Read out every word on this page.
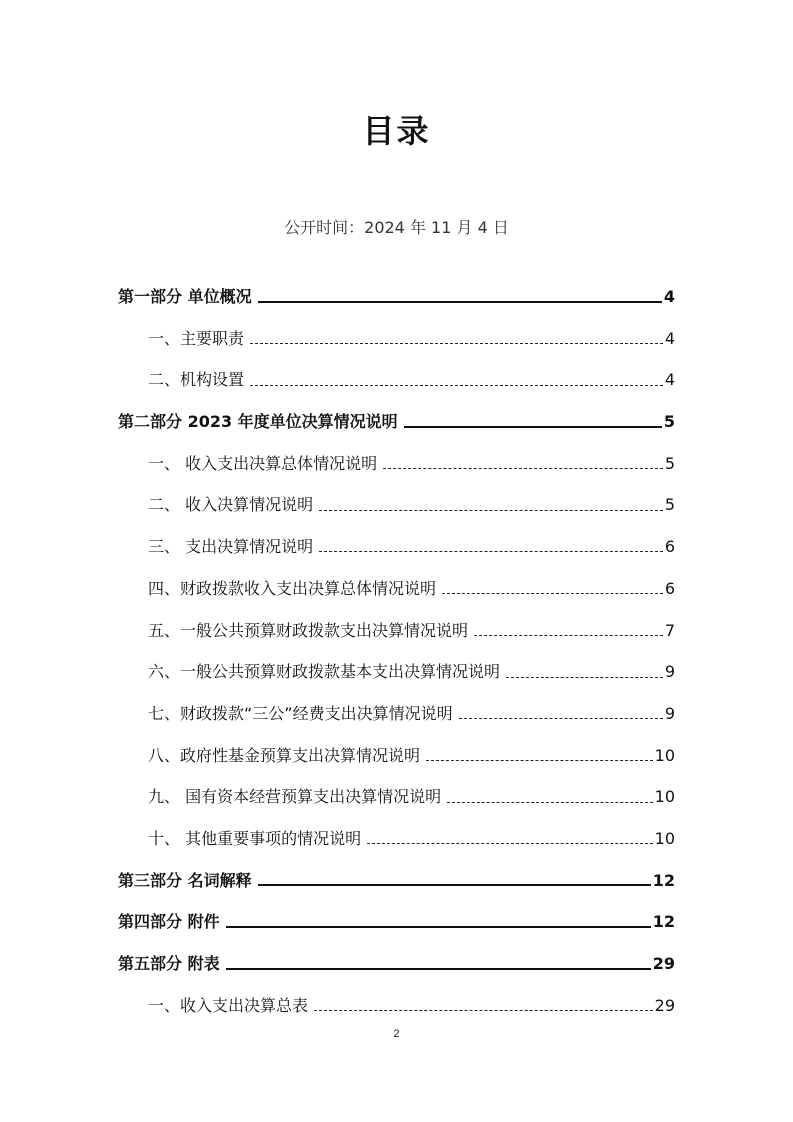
目录
公开时间：2024 年 11 月 4 日
第一部分 单位概况	4
一、主要职责	4
二、机构设置	4
第二部分 2023 年度单位决算情况说明	5
一、 收入支出决算总体情况说明	5
二、 收入决算情况说明	5
三、 支出决算情况说明	6
四、财政拨款收入支出决算总体情况说明	6
五、一般公共预算财政拨款支出决算情况说明	7
六、一般公共预算财政拨款基本支出决算情况说明	9
七、财政拨款“三公”经费支出决算情况说明	9
八、政府性基金预算支出决算情况说明	10
九、 国有资本经营预算支出决算情况说明	10
十、 其他重要事项的情况说明	10
第三部分 名词解释	12
第四部分 附件	12
第五部分 附表	29
一、收入支出决算总表	29
2
